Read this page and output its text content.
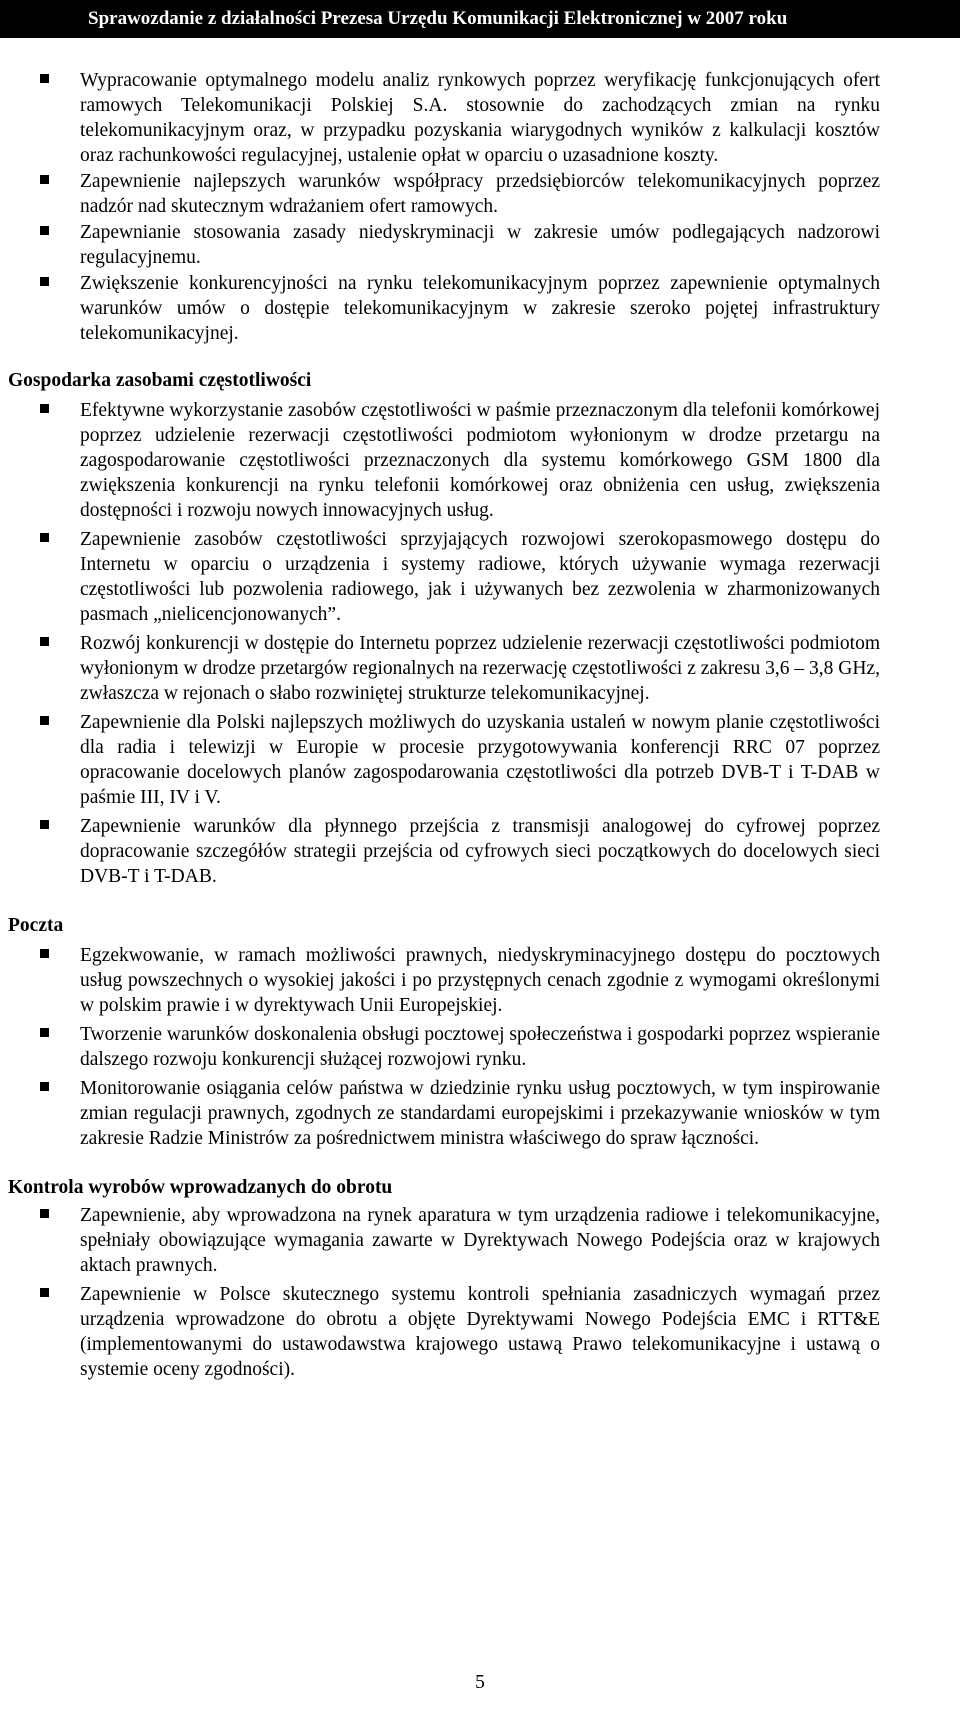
Sprawozdanie z działalności Prezesa Urzędu Komunikacji Elektronicznej w 2007 roku
Wypracowanie optymalnego modelu analiz rynkowych poprzez weryfikację funkcjonujących ofert ramowych Telekomunikacji Polskiej S.A. stosownie do zachodzących zmian na rynku telekomunikacyjnym oraz, w przypadku pozyskania wiarygodnych wyników z kalkulacji kosztów oraz rachunkowości regulacyjnej, ustalenie opłat w oparciu o uzasadnione koszty.
Zapewnienie najlepszych warunków współpracy przedsiębiorców telekomunikacyjnych poprzez nadzór nad skutecznym wdrażaniem ofert ramowych.
Zapewnianie stosowania zasady niedyskryminacji w zakresie umów podlegających nadzorowi regulacyjnemu.
Zwiększenie konkurencyjności na rynku telekomunikacyjnym poprzez zapewnienie optymalnych warunków umów o dostępie telekomunikacyjnym w zakresie szeroko pojętej infrastruktury telekomunikacyjnej.
Gospodarka zasobami częstotliwości
Efektywne wykorzystanie zasobów częstotliwości w paśmie przeznaczonym dla telefonii komórkowej poprzez udzielenie rezerwacji częstotliwości podmiotom wyłonionym w drodze przetargu na zagospodarowanie częstotliwości przeznaczonych dla systemu komórkowego GSM 1800 dla zwiększenia konkurencji na rynku telefonii komórkowej oraz obniżenia cen usług, zwiększenia dostępności i rozwoju nowych innowacyjnych usług.
Zapewnienie zasobów częstotliwości sprzyjających rozwojowi szerokopasmowego dostępu do Internetu w oparciu o urządzenia i systemy radiowe, których używanie wymaga rezerwacji częstotliwości lub pozwolenia radiowego, jak i używanych bez zezwolenia w zharmonizowanych pasmach „nielicencjonowanych”.
Rozwój konkurencji w dostępie do Internetu poprzez udzielenie rezerwacji częstotliwości podmiotom wyłonionym w drodze przetargów regionalnych na rezerwację częstotliwości z zakresu 3,6 – 3,8 GHz, zwłaszcza w rejonach o słabo rozwiniętej strukturze telekomunikacyjnej.
Zapewnienie dla Polski najlepszych możliwych do uzyskania ustaleń w nowym planie częstotliwości dla radia i telewizji w Europie w procesie przygotowywania konferencji RRC 07 poprzez opracowanie docelowych planów zagospodarowania częstotliwości dla potrzeb DVB-T i T-DAB w paśmie III, IV i V.
Zapewnienie warunków dla płynnego przejścia z transmisji analogowej do cyfrowej poprzez dopracowanie szczegółów strategii przejścia od cyfrowych sieci początkowych do docelowych sieci DVB-T i T-DAB.
Poczta
Egzekwowanie, w ramach możliwości prawnych, niedyskryminacyjnego dostępu do pocztowych usług powszechnych o wysokiej jakości i po przystępnych cenach zgodnie z wymogami określonymi w polskim prawie i w dyrektywach Unii Europejskiej.
Tworzenie warunków doskonalenia obsługi pocztowej społeczeństwa i gospodarki poprzez wspieranie dalszego rozwoju konkurencji służącej rozwojowi rynku.
Monitorowanie osiągania celów państwa w dziedzinie rynku usług pocztowych, w tym inspirowanie zmian regulacji prawnych, zgodnych ze standardami europejskimi i przekazywanie wniosków w tym zakresie Radzie Ministrów za pośrednictwem ministra właściwego do spraw łączności.
Kontrola wyrobów wprowadzanych do obrotu
Zapewnienie, aby wprowadzona na rynek aparatura w tym urządzenia radiowe i telekomunikacyjne, spełniały obowiązujące wymagania zawarte w Dyrektywach Nowego Podejścia oraz w krajowych aktach prawnych.
Zapewnienie w Polsce skutecznego systemu kontroli spełniania zasadniczych wymagań przez urządzenia wprowadzone do obrotu a objęte Dyrektywami Nowego Podejścia EMC i RTT&E (implementowanymi do ustawodawstwa krajowego ustawą Prawo telekomunikacyjne i ustawą o systemie oceny zgodności).
5
